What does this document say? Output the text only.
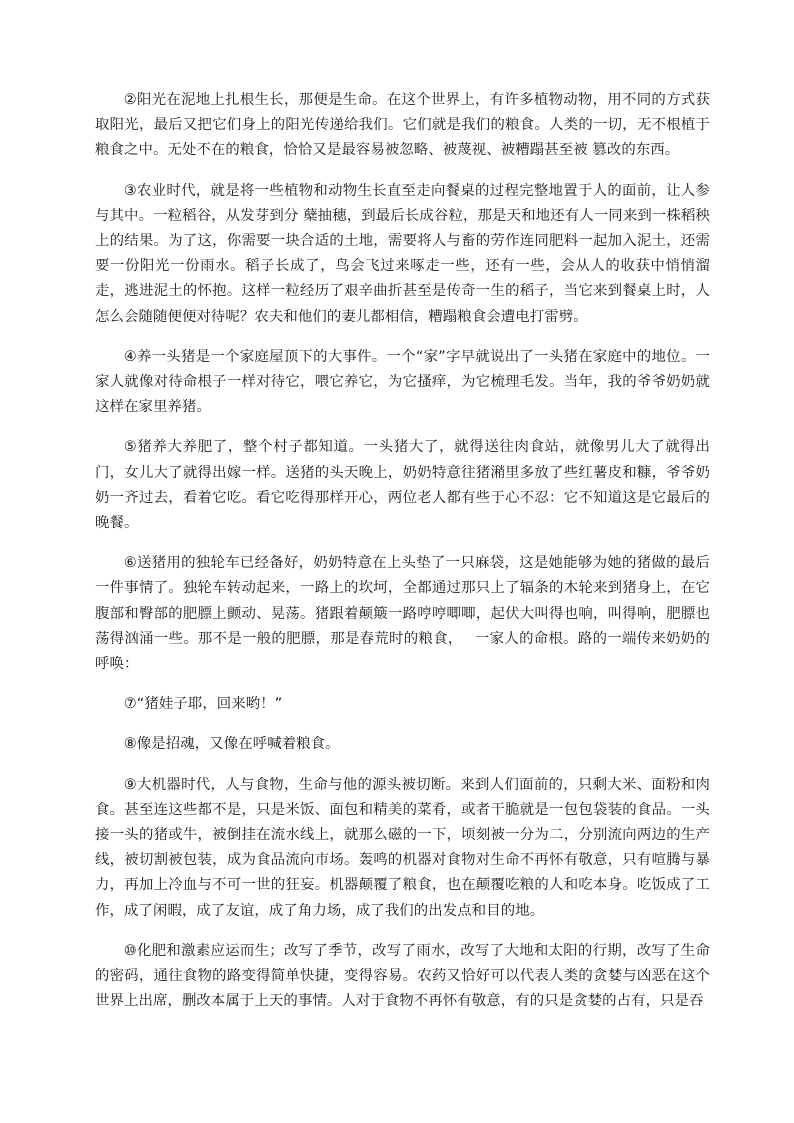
②阳光在泥地上扎根生长，那便是生命。在这个世界上，有许多植物动物，用不同的方式获取阳光，最后又把它们身上的阳光传递给我们。它们就是我们的粮食。人类的一切，无不根植于粮食之中。无处不在的粮食，恰恰又是最容易被忽略、被蔑视、被糟蹋甚至被 篡改的东西。

③农业时代，就是将一些植物和动物生长直至走向餐桌的过程完整地置于人的面前，让人参与其中。一粒稻谷，从发芽到分 蘖抽穗，到最后长成谷粒，那是天和地还有人一同来到一株稻秧上的结果。为了这，你需要一块合适的土地，需要将人与畜的劳作连同肥料一起加入泥土，还需要一份阳光一份雨水。稻子长成了，鸟会飞过来啄走一些，还有一些，会从人的收获中悄悄溜走，逃进泥土的怀抱。这样一粒经历了艰辛曲折甚至是传奇一生的稻子，当它来到餐桌上时，人怎么会随随便便对待呢？农夫和他们的妻儿都相信，糟蹋粮食会遭电打雷劈。

④养一头猪是一个家庭屋顶下的大事件。一个“家”字早就说出了一头猪在家庭中的地位。一家人就像对待命根子一样对待它，喂它养它，为它搔痒，为它梳理毛发。当年，我的爷爷奶奶就这样在家里养猪。

⑤猪养大养肥了，整个村子都知道。一头猪大了，就得送往肉食站，就像男儿大了就得出门，女儿大了就得出嫁一样。送猪的头天晚上，奶奶特意往猪潲里多放了些红薯皮和糠，爷爷奶奶一齐过去，看着它吃。看它吃得那样开心，两位老人都有些于心不忍：它不知道这是它最后的晚餐。

⑥送猪用的独轮车已经备好，奶奶特意在上头垫了一只麻袋，这是她能够为她的猪做的最后一件事情了。独轮车转动起来，一路上的坎坷，全都通过那只上了辐条的木轮来到猪身上，在它腹部和臀部的肥膘上颤动、晃荡。猪跟着颠簸一路哼哼唧唧，起伏大叫得也响，叫得响，肥膘也荡得汹涌一些。那不是一般的肥膘，那是春荒时的粮食，　 一家人的命根。路的一端传来奶奶的呼唤：

⑦“猪娃子耶，回来哟！”

⑧像是招魂，又像在呼喊着粮食。

⑨大机器时代，人与食物，生命与他的源头被切断。来到人们面前的，只剩大米、面粉和肉食。甚至连这些都不是，只是米饭、面包和精美的菜肴，或者干脆就是一包包袋装的食品。一头接一头的猪或牛，被倒挂在流水线上，就那么磁的一下，顷刻被一分为二，分别流向两边的生产线，被切割被包装，成为食品流向市场。轰鸣的机器对食物对生命不再怀有敬意，只有喧腾与暴力，再加上冷血与不可一世的狂妄。机器颠覆了粮食，也在颠覆吃粮的人和吃本身。吃饭成了工作，成了闲暇，成了友谊，成了角力场，成了我们的出发点和目的地。

⑩化肥和激素应运而生；改写了季节，改写了雨水，改写了大地和太阳的行期，改写了生命的密码，通往食物的路变得简单快捷，变得容易。农药又恰好可以代表人类的贪婪与凶恶在这个世界上出席，删改本属于上天的事情。人对于食物不再怀有敬意，有的只是贪婪的占有，只是吞
